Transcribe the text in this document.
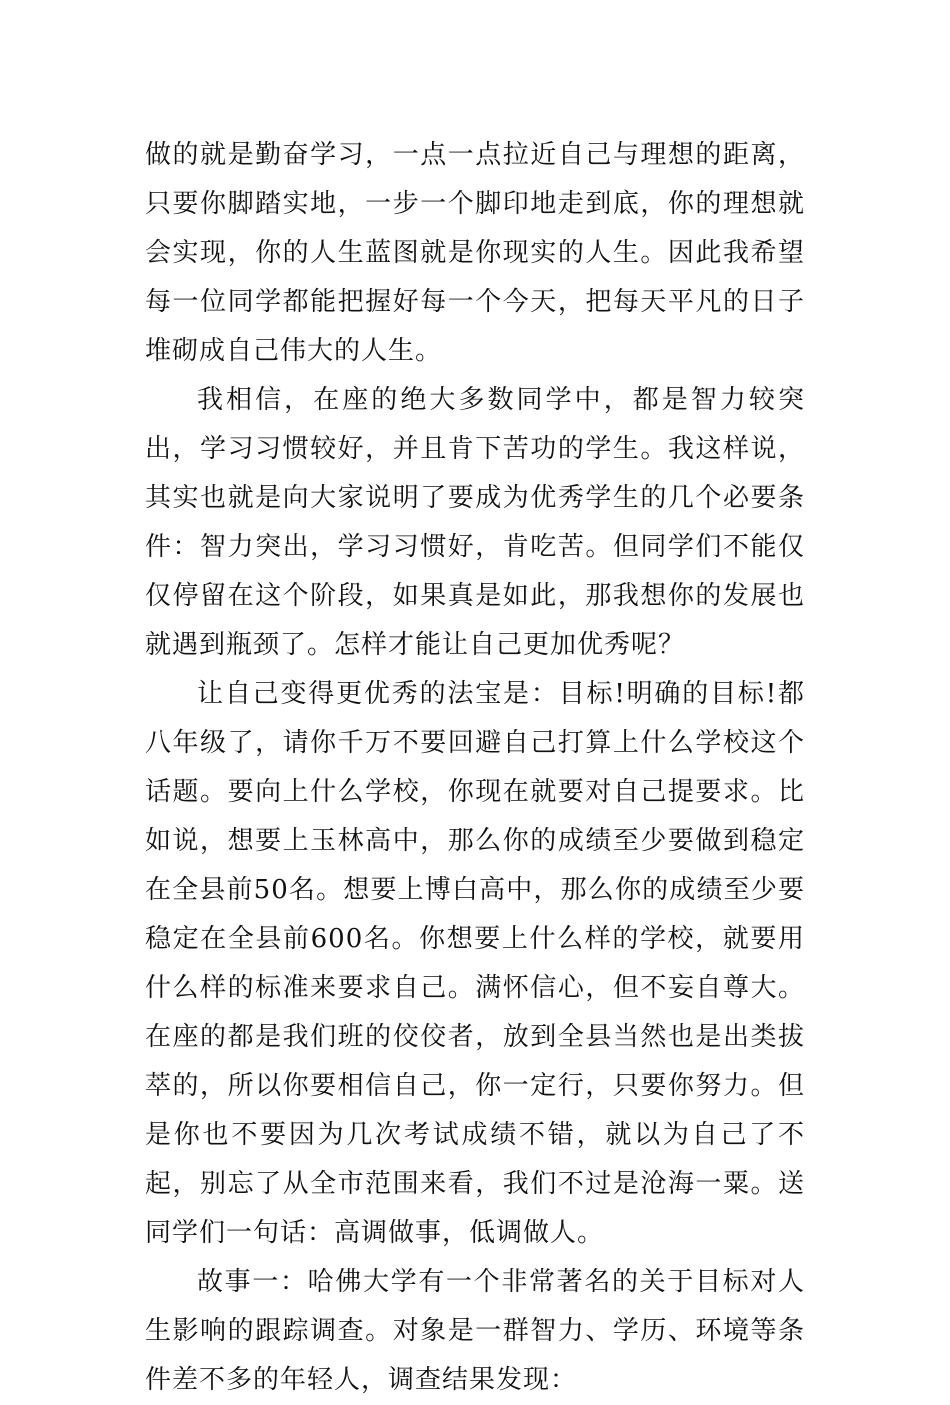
做的就是勤奋学习，一点一点拉近自己与理想的距离，只要你脚踏实地，一步一个脚印地走到底，你的理想就会实现，你的人生蓝图就是你现实的人生。因此我希望每一位同学都能把握好每一个今天，把每天平凡的日子堆砌成自己伟大的人生。

我相信，在座的绝大多数同学中，都是智力较突出，学习习惯较好，并且肯下苦功的学生。我这样说，其实也就是向大家说明了要成为优秀学生的几个必要条件：智力突出，学习习惯好，肯吃苦。但同学们不能仅仅停留在这个阶段，如果真是如此，那我想你的发展也就遇到瓶颈了。怎样才能让自己更加优秀呢？

让自己变得更优秀的法宝是：目标!明确的目标!都八年级了，请你千万不要回避自己打算上什么学校这个话题。要向上什么学校，你现在就要对自己提要求。比如说，想要上玉林高中，那么你的成绩至少要做到稳定在全县前50名。想要上博白高中，那么你的成绩至少要稳定在全县前600名。你想要上什么样的学校，就要用什么样的标准来要求自己。满怀信心，但不妄自尊大。在座的都是我们班的佼佼者，放到全县当然也是出类拔萃的，所以你要相信自己，你一定行，只要你努力。但是你也不要因为几次考试成绩不错，就以为自己了不起，别忘了从全市范围来看，我们不过是沧海一粟。送同学们一句话：高调做事，低调做人。

故事一：哈佛大学有一个非常著名的关于目标对人生影响的跟踪调查。对象是一群智力、学历、环境等条件差不多的年轻人，调查结果发现：
